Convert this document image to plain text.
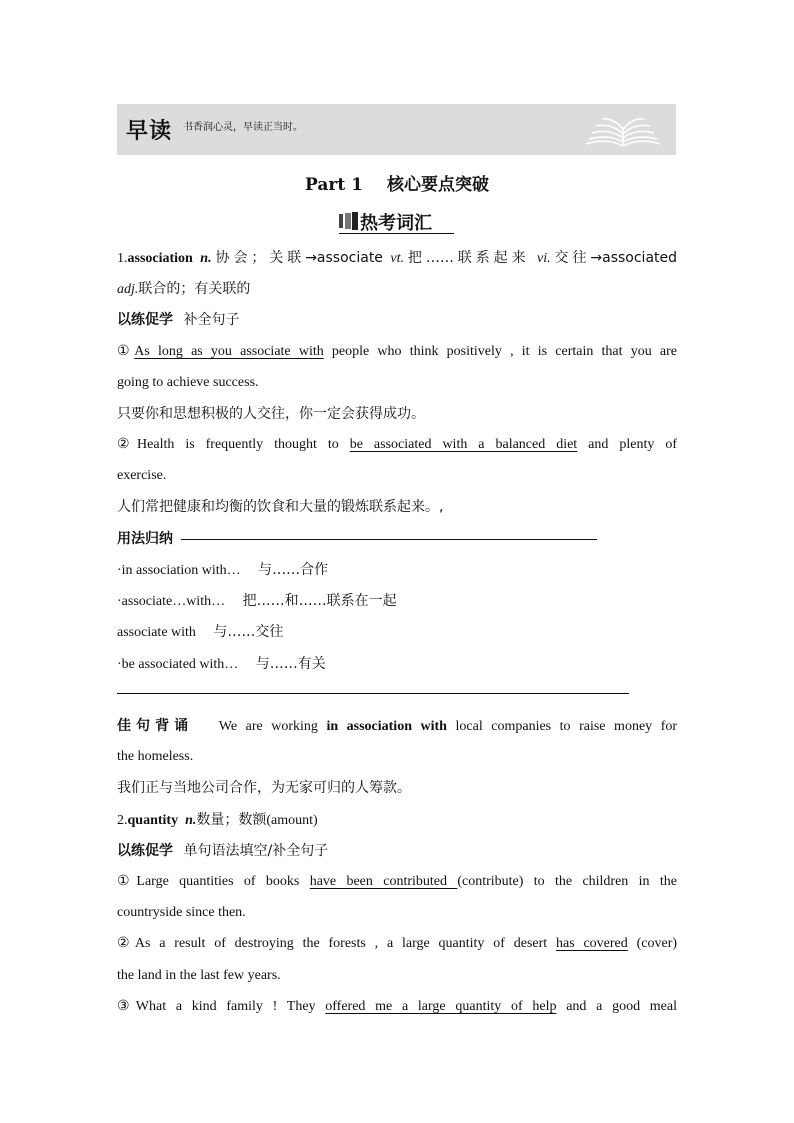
早读 书香润心灵，早读正当时。
Part 1 核心要点突破
热考词汇
1.association n.协会；关联→associate vt.把……联系起来 vi.交往→associated
adj.联合的；有关联的
以练促学 补全句子
①As long as you associate with people who think positively , it is certain that you are
going to achieve success.
只要你和思想积极的人交往，你一定会获得成功。
②Health is frequently thought to be associated with a balanced diet and plenty of
exercise.
人们常把健康和均衡的饮食和大量的锻炼联系起来。,
用法归纳
·in association with… 与……合作
·associate…with… 把……和……联系在一起
associate with 与……交往
·be associated with… 与……有关
佳句背诵 We are working in association with local companies to raise money for
the homeless.
我们正与当地公司合作，为无家可归的人筹款。
2.quantity n.数量；数额(amount)
以练促学 单句语法填空/补全句子
①Large quantities of books have been contributed (contribute) to the children in the
countryside since then.
②As a result of destroying the forests , a large quantity of desert has covered (cover)
the land in the last few years.
③What a kind family ! They offered me a large quantity of help and a good meal
